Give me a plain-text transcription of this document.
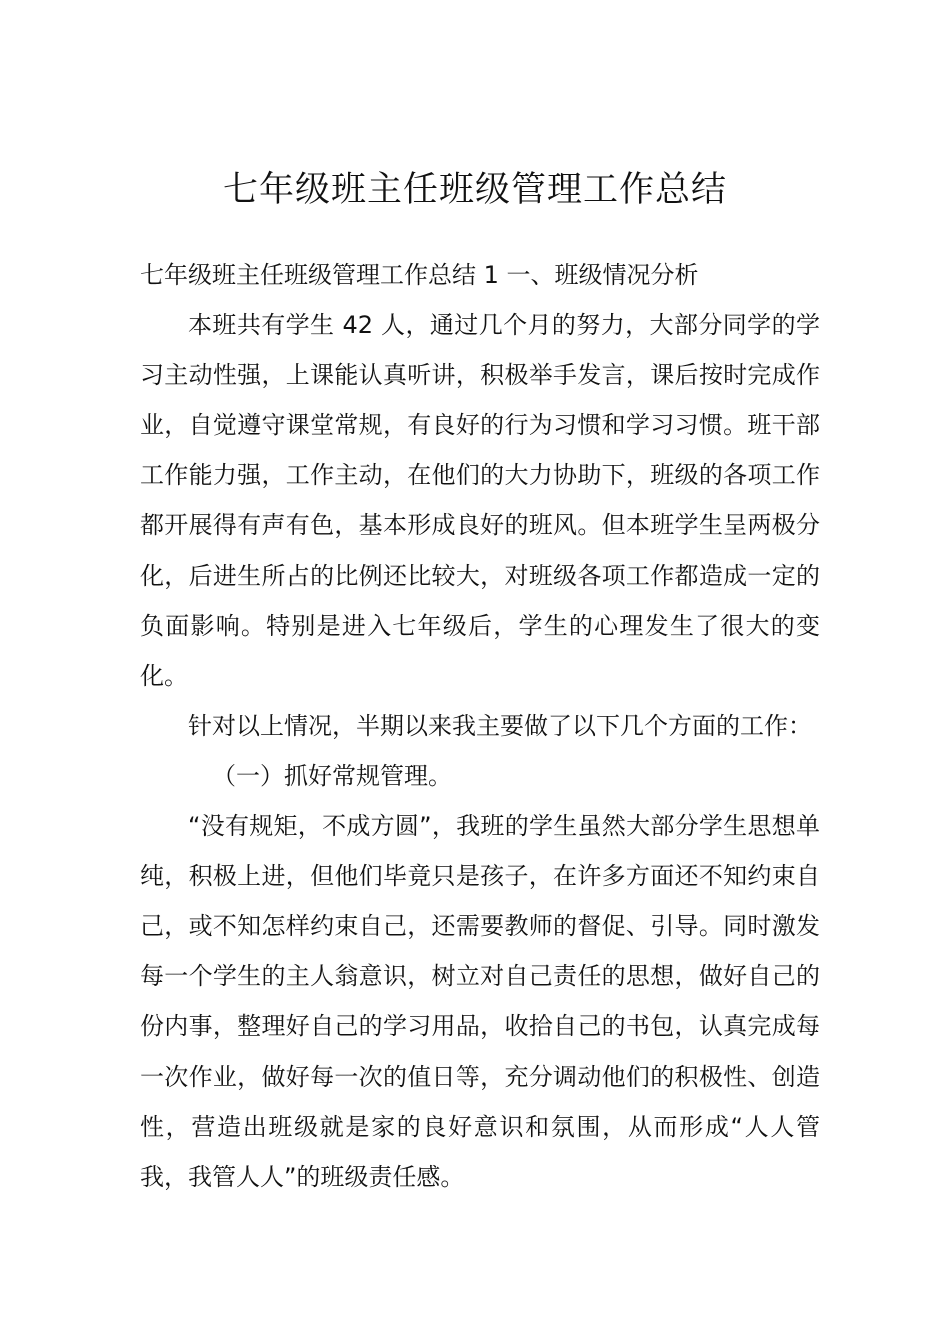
七年级班主任班级管理工作总结

七年级班主任班级管理工作总结 1 一、班级情况分析

本班共有学生 42 人，通过几个月的努力，大部分同学的学习主动性强，上课能认真听讲，积极举手发言，课后按时完成作业，自觉遵守课堂常规，有良好的行为习惯和学习习惯。班干部工作能力强，工作主动，在他们的大力协助下，班级的各项工作都开展得有声有色，基本形成良好的班风。但本班学生呈两极分化，后进生所占的比例还比较大，对班级各项工作都造成一定的负面影响。特别是进入七年级后，学生的心理发生了很大的变化。

针对以上情况，半期以来我主要做了以下几个方面的工作：

（一）抓好常规管理。

“没有规矩，不成方圆”，我班的学生虽然大部分学生思想单纯，积极上进，但他们毕竟只是孩子，在许多方面还不知约束自己，或不知怎样约束自己，还需要教师的督促、引导。同时激发每一个学生的主人翁意识，树立对自己责任的思想，做好自己的份内事，整理好自己的学习用品，收拾自己的书包，认真完成每一次作业，做好每一次的值日等，充分调动他们的积极性、创造性，营造出班级就是家的良好意识和氛围，从而形成“人人管我，我管人人”的班级责任感。
